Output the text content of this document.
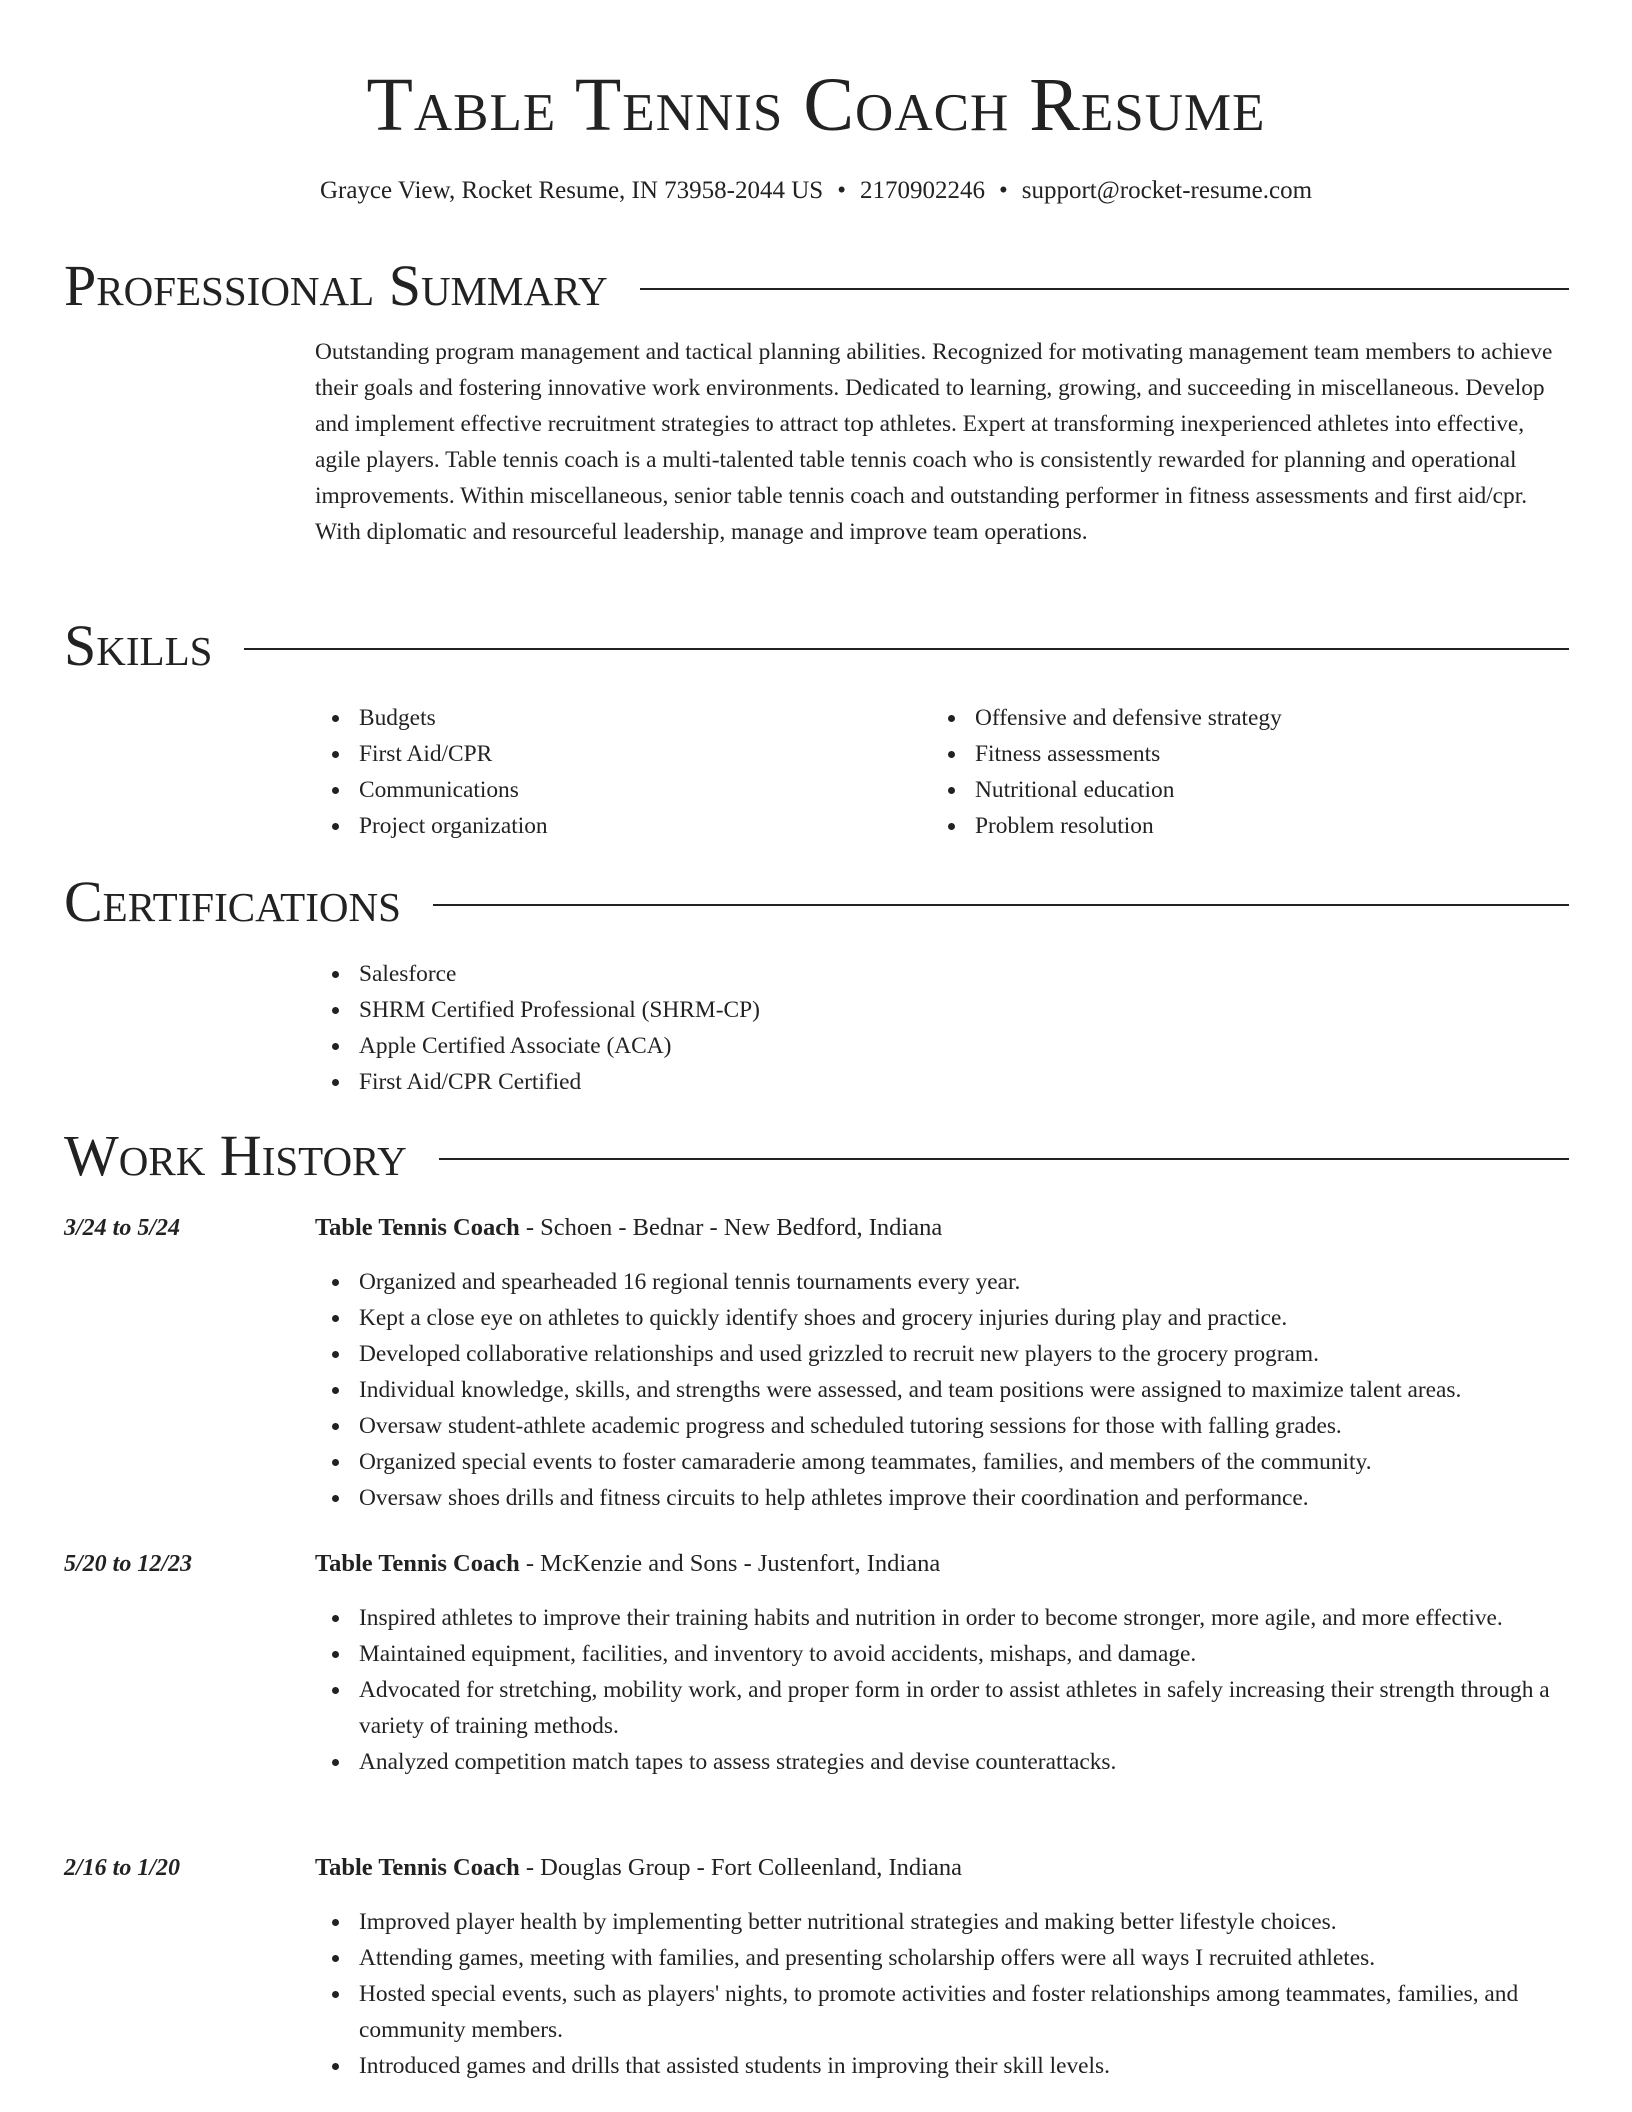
Table Tennis Coach Resume
Grayce View, Rocket Resume, IN 73958-2044 US • 2170902246 • support@rocket-resume.com
Professional Summary

Outstanding program management and tactical planning abilities. Recognized for motivating management team members to achieve their goals and fostering innovative work environments. Dedicated to learning, growing, and succeeding in miscellaneous. Develop and implement effective recruitment strategies to attract top athletes. Expert at transforming inexperienced athletes into effective, agile players. Table tennis coach is a multi-talented table tennis coach who is consistently rewarded for planning and operational improvements. Within miscellaneous, senior table tennis coach and outstanding performer in fitness assessments and first aid/cpr. With diplomatic and resourceful leadership, manage and improve team operations.

Skills
Budgets
First Aid/CPR
Communications
Project organization
Offensive and defensive strategy
Fitness assessments
Nutritional education
Problem resolution
Certifications
Salesforce
SHRM Certified Professional (SHRM-CP)
Apple Certified Associate (ACA)
First Aid/CPR Certified
Work History
3/24 to 5/24	Table Tennis Coach - Schoen - Bednar - New Bedford, Indiana
Organized and spearheaded 16 regional tennis tournaments every year.
Kept a close eye on athletes to quickly identify shoes and grocery injuries during play and practice.
Developed collaborative relationships and used grizzled to recruit new players to the grocery program.
Individual knowledge, skills, and strengths were assessed, and team positions were assigned to maximize talent areas.
Oversaw student-athlete academic progress and scheduled tutoring sessions for those with falling grades.
Organized special events to foster camaraderie among teammates, families, and members of the community.
Oversaw shoes drills and fitness circuits to help athletes improve their coordination and performance.
5/20 to 12/23	Table Tennis Coach - McKenzie and Sons - Justenfort, Indiana
Inspired athletes to improve their training habits and nutrition in order to become stronger, more agile, and more effective.
Maintained equipment, facilities, and inventory to avoid accidents, mishaps, and damage.
Advocated for stretching, mobility work, and proper form in order to assist athletes in safely increasing their strength through a variety of training methods.
Analyzed competition match tapes to assess strategies and devise counterattacks.
2/16 to 1/20	Table Tennis Coach - Douglas Group - Fort Colleenland, Indiana
Improved player health by implementing better nutritional strategies and making better lifestyle choices.
Attending games, meeting with families, and presenting scholarship offers were all ways I recruited athletes.
Hosted special events, such as players' nights, to promote activities and foster relationships among teammates, families, and community members.
Introduced games and drills that assisted students in improving their skill levels.
